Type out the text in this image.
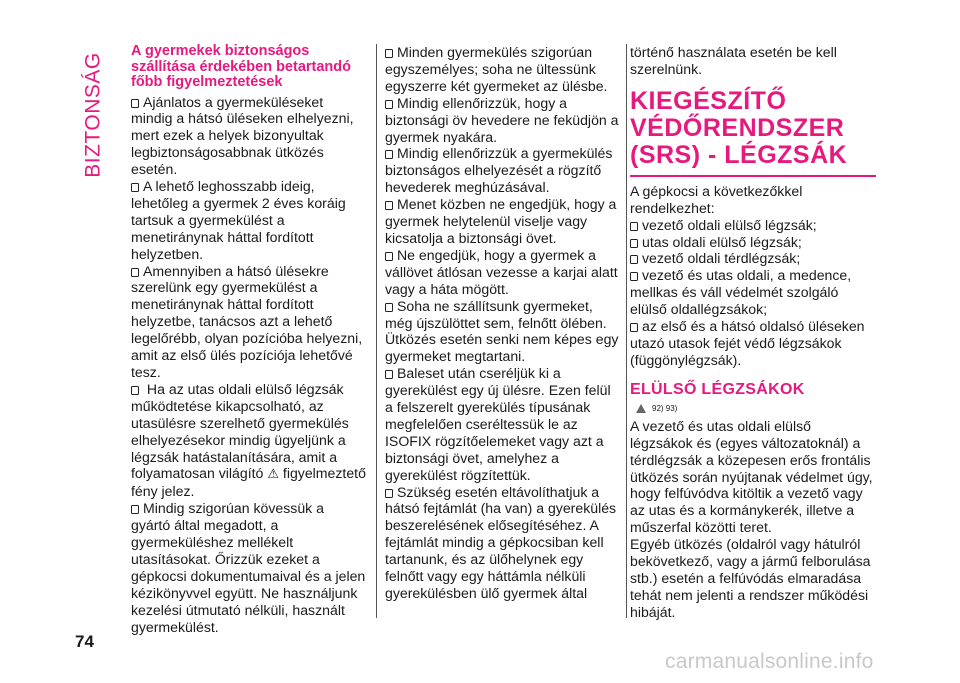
BIZTONSÁG
A gyermekek biztonságos szállítása érdekében betartandó főbb figyelmeztetések

Ajánlatos a gyermeküléseket mindig a hátsó üléseken elhelyezni, mert ezek a helyek bizonyultak legbiztonságosabbnak ütközés esetén.

A lehető leghosszabb ideig, lehetőleg a gyermek 2 éves koráig tartsuk a gyermekülést a menetiránynak háttal fordított helyzetben.

Amennyiben a hátsó ülésekre szerelünk egy gyermekülést a menetiránynak háttal fordított helyzetbe, tanácsos azt a lehető legelőrébb, olyan pozícióba helyezni, amit az első ülés pozíciója lehetővé tesz.

Ha az utas oldali elülső légzsák működtetése kikapcsolható, az utasülésre szerelhető gyermekülés elhelyezésekor mindig ügyeljünk a légzsák hatástalanítására, amit a folyamatosan világító ⚠ figyelmeztető fény jelez.

Mindig szigorúan kövessük a gyártó által megadott, a gyermeküléshez mellékelt utasításokat. Őrizzük ezeket a gépkocsi dokumentumaival és a jelen kézikönyvvel együtt. Ne használjunk kezelési útmutató nélküli, használt gyermekülést.

Minden gyermekülés szigorúan egyszemélyes; soha ne ültessünk egyszerre két gyermeket az ülésbe.

Mindig ellenőrizzük, hogy a biztonsági öv hevedere ne feküdjön a gyermek nyakára.

Mindig ellenőrizzük a gyermekülés biztonságos elhelyezését a rögzítő hevederek meghúzásával.

Menet közben ne engedjük, hogy a gyermek helytelenül viselje vagy kicsatolja a biztonsági övet.

Ne engedjük, hogy a gyermek a vállövet átlósan vezesse a karjai alatt vagy a háta mögött.

Soha ne szállítsunk gyermeket, még újszülöttet sem, felnőtt ölében. Ütközés esetén senki nem képes egy gyermeket megtartani.

Baleset után cseréljük ki a gyerekülést egy új ülésre. Ezen felül a felszerelt gyerekülés típusának megfelelően cseréltessük le az ISOFIX rögzítőelemeket vagy azt a biztonsági övet, amelyhez a gyerekülést rögzítettük.

Szükség esetén eltávolíthatjuk a hátsó fejtámlát (ha van) a gyerekülés beszerelésének elősegítéséhez. A fejtámlát mindig a gépkocsiban kell tartanunk, és az ülőhelynek egy felnőtt vagy egy háttámla nélküli gyerekülésben ülő gyermek által

történő használata esetén be kell szerelnünk.

KIEGÉSZÍTŐ VÉDŐRENDSZER (SRS) - LÉGZSÁK

A gépkocsi a következőkkel rendelkezhet:

vezető oldali elülső légzsák;

utas oldali elülső légzsák;

vezető oldali térdlégzsák;

vezető és utas oldali, a medence, mellkas és váll védelmét szolgáló elülső oldallégzsákok;

az első és a hátsó oldalsó üléseken utazó utasok fejét védő légzsákok (függönylégzsák).

ELÜLSŐ LÉGZSÁKOK
92) 93)

A vezető és utas oldali elülső légzsákok és (egyes változatoknál) a térdlégzsák a közepesen erős frontális ütközés során nyújtanak védelmet úgy, hogy felfúvódva kitöltik a vezető vagy az utas és a kormánykerék, illetve a műszerfal közötti teret.

Egyéb ütközés (oldalról vagy hátulról bekövetkező, vagy a jármű felborulása stb.) esetén a felfúvódás elmaradása tehát nem jelenti a rendszer működési hibáját.

74
carmanualsonline.info
